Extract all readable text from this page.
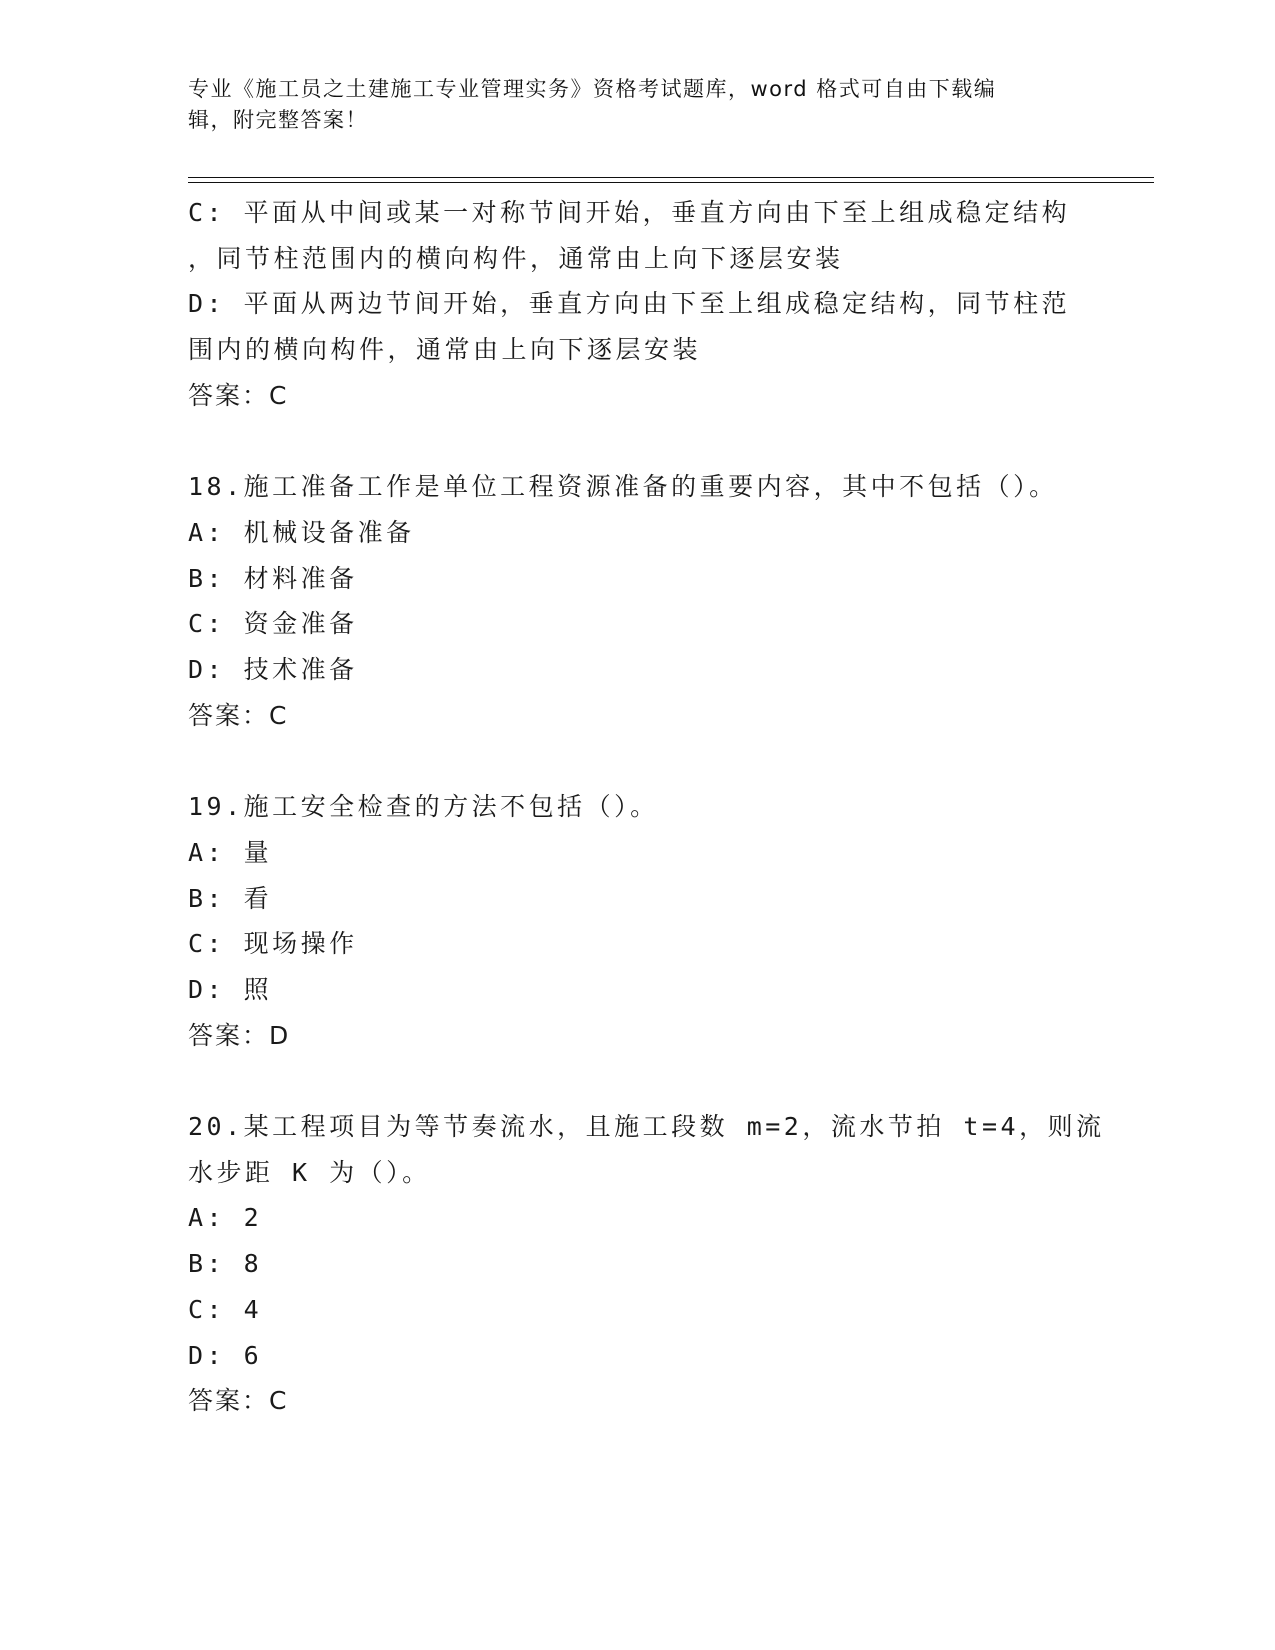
专业《施工员之土建施工专业管理实务》资格考试题库，word 格式可自由下载编
辑，附完整答案！
C: 平面从中间或某一对称节间开始，垂直方向由下至上组成稳定结构
，同节柱范围内的横向构件，通常由上向下逐层安装
D: 平面从两边节间开始，垂直方向由下至上组成稳定结构，同节柱范
围内的横向构件，通常由上向下逐层安装
答案：C
18.施工准备工作是单位工程资源准备的重要内容，其中不包括（）。
A: 机械设备准备
B: 材料准备
C: 资金准备
D: 技术准备
答案：C
19.施工安全检查的方法不包括（）。
A: 量
B: 看
C: 现场操作
D: 照
答案：D
20.某工程项目为等节奏流水，且施工段数 m=2，流水节拍 t=4，则流
水步距 K 为（）。
A: 2
B: 8
C: 4
D: 6
答案：C
